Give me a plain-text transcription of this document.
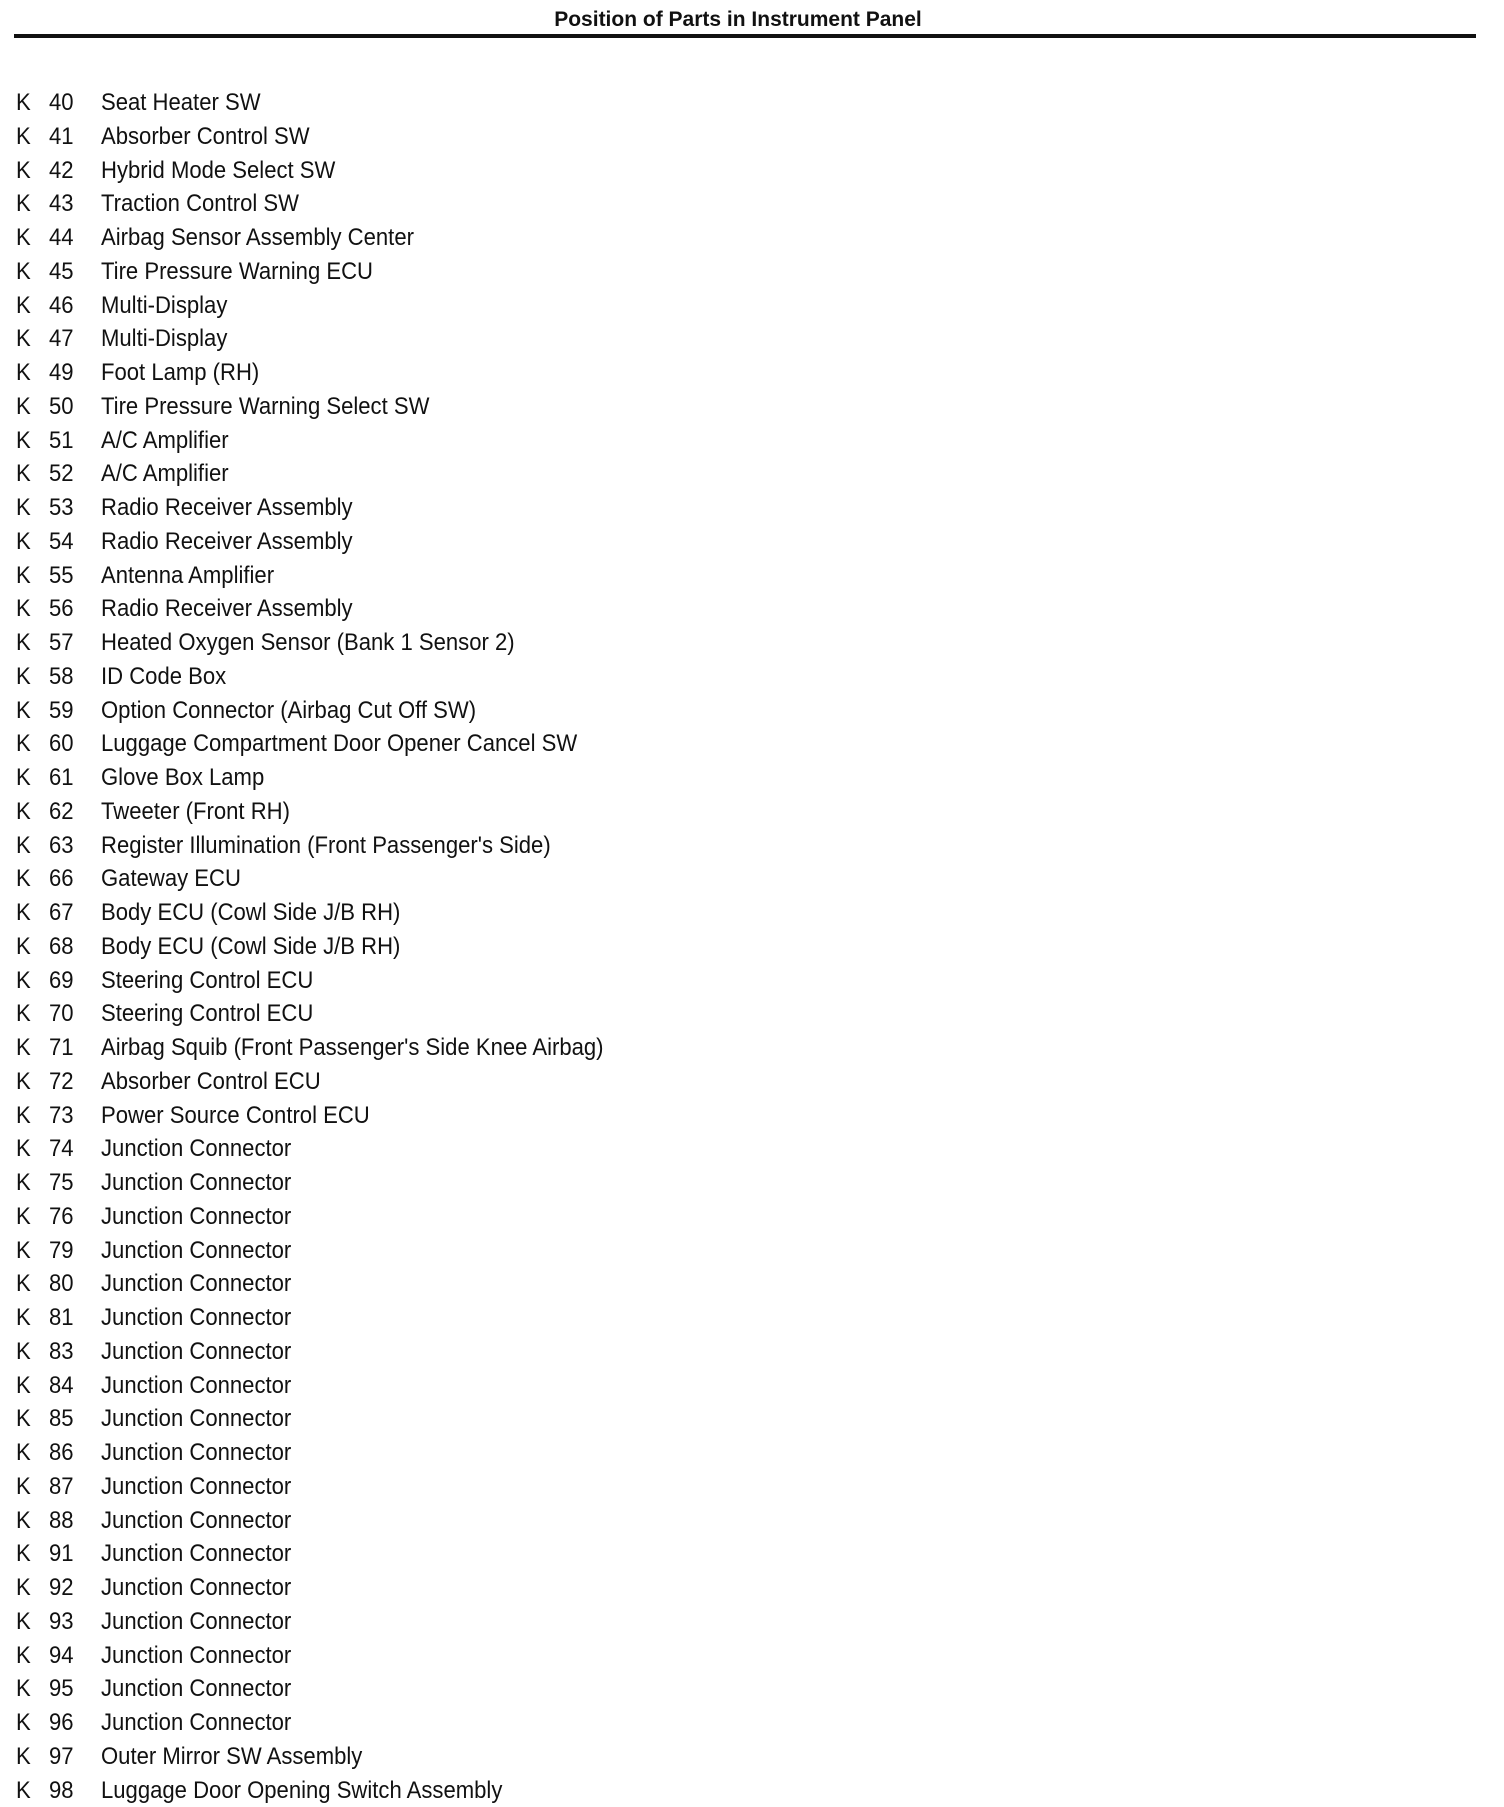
Position of Parts in Instrument Panel
K 40 Seat Heater SW
K 41 Absorber Control SW
K 42 Hybrid Mode Select SW
K 43 Traction Control SW
K 44 Airbag Sensor Assembly Center
K 45 Tire Pressure Warning ECU
K 46 Multi-Display
K 47 Multi-Display
K 49 Foot Lamp (RH)
K 50 Tire Pressure Warning Select SW
K 51 A/C Amplifier
K 52 A/C Amplifier
K 53 Radio Receiver Assembly
K 54 Radio Receiver Assembly
K 55 Antenna Amplifier
K 56 Radio Receiver Assembly
K 57 Heated Oxygen Sensor (Bank 1 Sensor 2)
K 58 ID Code Box
K 59 Option Connector (Airbag Cut Off SW)
K 60 Luggage Compartment Door Opener Cancel SW
K 61 Glove Box Lamp
K 62 Tweeter (Front RH)
K 63 Register Illumination (Front Passenger's Side)
K 66 Gateway ECU
K 67 Body ECU (Cowl Side J/B RH)
K 68 Body ECU (Cowl Side J/B RH)
K 69 Steering Control ECU
K 70 Steering Control ECU
K 71 Airbag Squib (Front Passenger's Side Knee Airbag)
K 72 Absorber Control ECU
K 73 Power Source Control ECU
K 74 Junction Connector
K 75 Junction Connector
K 76 Junction Connector
K 79 Junction Connector
K 80 Junction Connector
K 81 Junction Connector
K 83 Junction Connector
K 84 Junction Connector
K 85 Junction Connector
K 86 Junction Connector
K 87 Junction Connector
K 88 Junction Connector
K 91 Junction Connector
K 92 Junction Connector
K 93 Junction Connector
K 94 Junction Connector
K 95 Junction Connector
K 96 Junction Connector
K 97 Outer Mirror SW Assembly
K 98 Luggage Door Opening Switch Assembly
